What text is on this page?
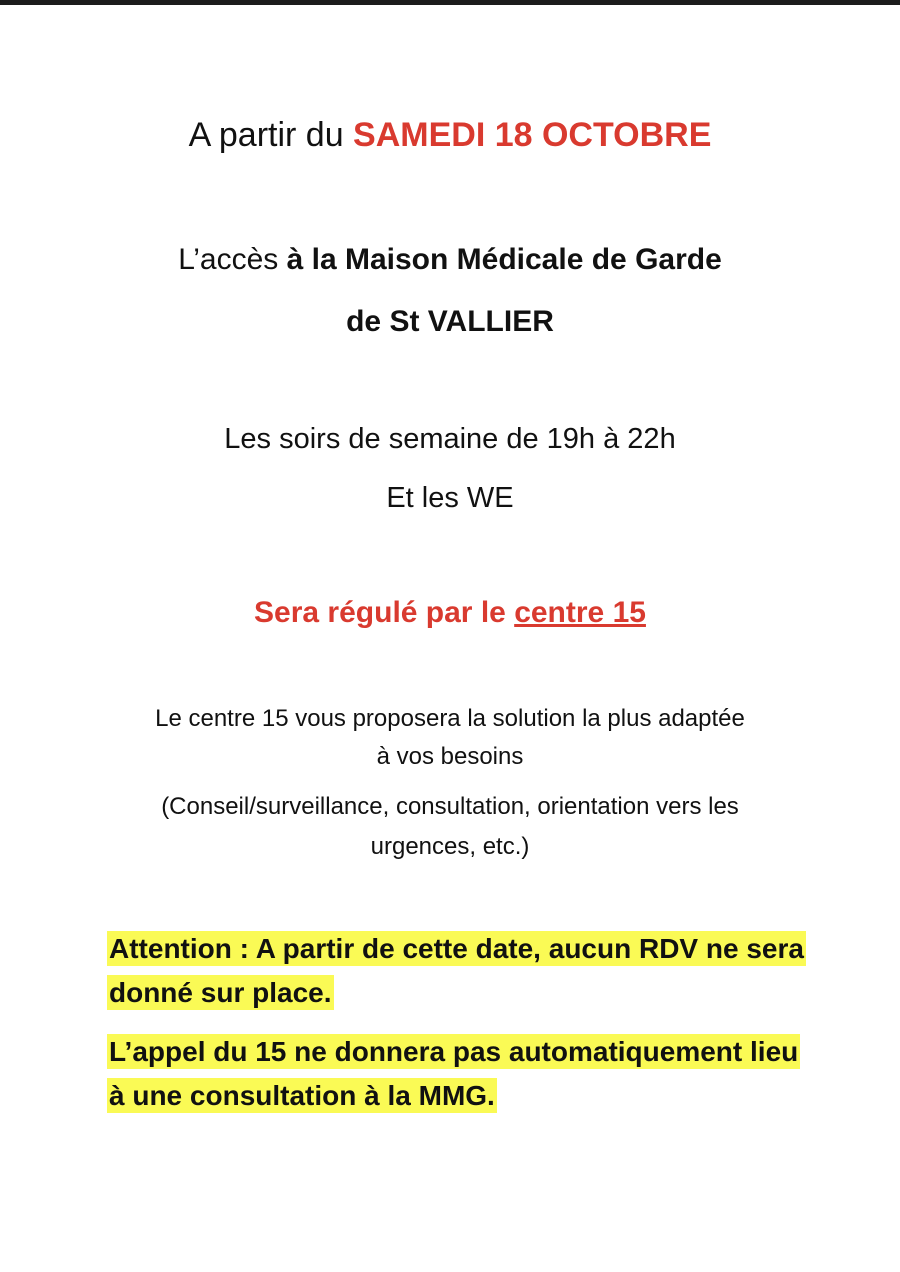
A partir du SAMEDI 18 OCTOBRE
L’accès à la Maison Médicale de Garde
de St VALLIER
Les soirs de semaine de 19h à 22h
Et les WE
Sera régulé par le centre 15
Le centre 15 vous proposera la solution la plus adaptée
à vos besoins
(Conseil/surveillance, consultation, orientation vers les
urgences, etc.)
Attention : A partir de cette date, aucun RDV ne sera donné sur place.
L’appel du 15 ne donnera pas automatiquement lieu à une consultation à la MMG.
